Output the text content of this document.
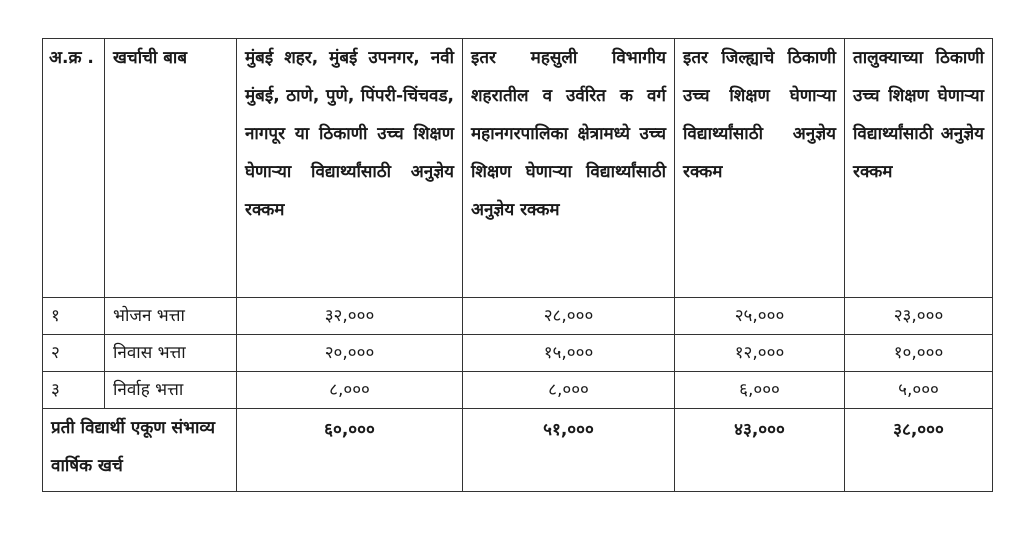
अ.क्र .	खर्चाची बाब	मुंबई शहर, मुंबई उपनगर, नवी मुंबई, ठाणे, पुणे, पिंपरी-चिंचवड, नागपूर या ठिकाणी उच्च शिक्षण घेणाऱ्या विद्यार्थ्यांसाठी अनुज्ञेय रक्कम	इतर महसुली विभागीय शहरातील व उर्वरित क वर्ग महानगरपालिका क्षेत्रामध्ये उच्च शिक्षण घेणाऱ्या विद्यार्थ्यांसाठी अनुज्ञेय रक्कम	इतर जिल्ह्याचे ठिकाणी उच्च शिक्षण घेणाऱ्या विद्यार्थ्यांसाठी अनुज्ञेय रक्कम	तालुक्याच्या ठिकाणी उच्च शिक्षण घेणाऱ्या विद्यार्थ्यांसाठी अनुज्ञेय रक्कम
१	भोजन भत्ता	३२,०००	२८,०००	२५,०००	२३,०००
२	निवास भत्ता	२०,०००	१५,०००	१२,०००	१०,०००
३	निर्वाह भत्ता	८,०००	८,०००	६,०००	५,०००
प्रती विद्यार्थी एकूण संभाव्य वार्षिक खर्च		६०,०००	५१,०००	४३,०००	३८,०००
